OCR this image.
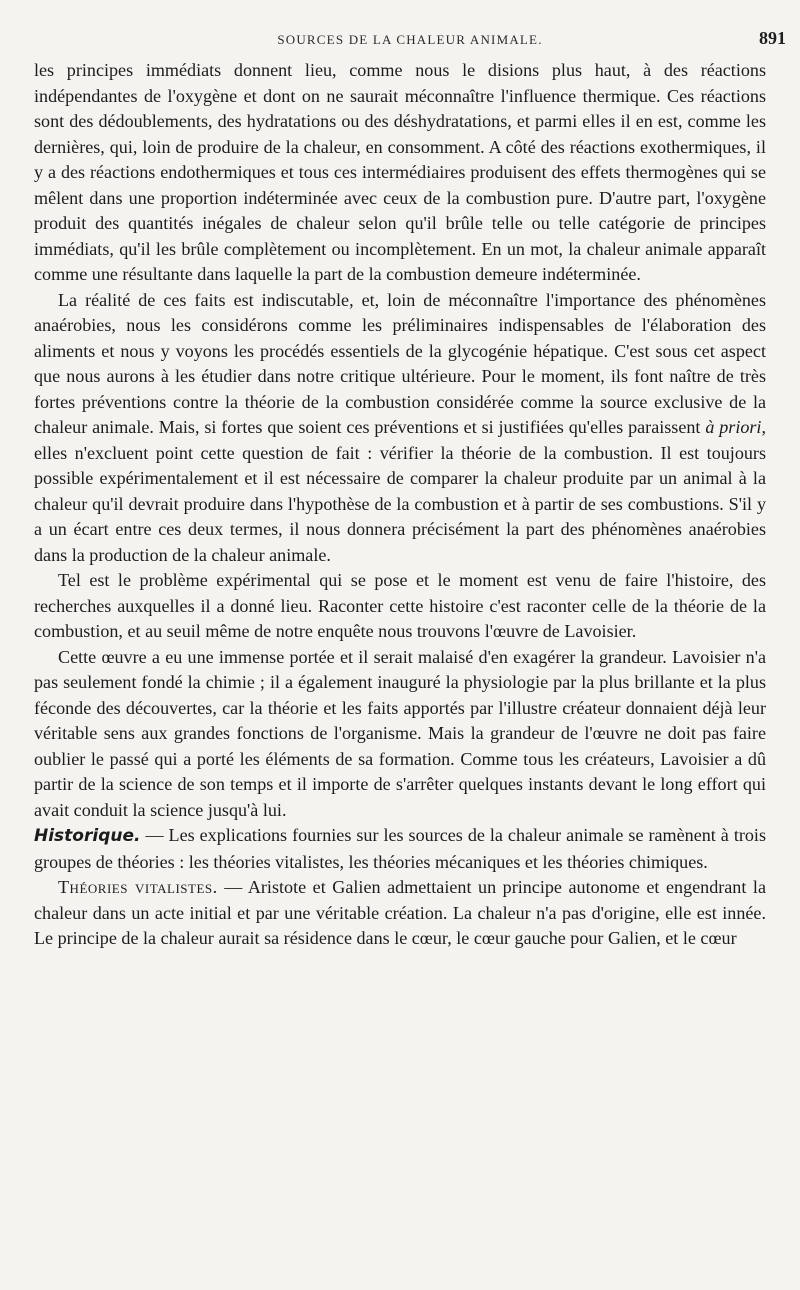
SOURCES DE LA CHALEUR ANIMALE.	891

les principes immédiats donnent lieu, comme nous le disions plus haut, à des réactions indépendantes de l'oxygène et dont on ne saurait méconnaître l'influence thermique. Ces réactions sont des dédoublements, des hydratations ou des déshydratations, et parmi elles il en est, comme les dernières, qui, loin de produire de la chaleur, en consomment. A côté des réactions exothermiques, il y a des réactions endothermiques et tous ces intermédiaires produisent des effets thermogènes qui se mêlent dans une proportion indéterminée avec ceux de la combustion pure. D'autre part, l'oxygène produit des quantités inégales de chaleur selon qu'il brûle telle ou telle catégorie de principes immédiats, qu'il les brûle complètement ou incomplètement. En un mot, la chaleur animale apparaît comme une résultante dans laquelle la part de la combustion demeure indéterminée.

La réalité de ces faits est indiscutable, et, loin de méconnaître l'importance des phénomènes anaérobies, nous les considérons comme les préliminaires indispensables de l'élaboration des aliments et nous y voyons les procédés essentiels de la glycogénie hépatique. C'est sous cet aspect que nous aurons à les étudier dans notre critique ultérieure. Pour le moment, ils font naître de très fortes préventions contre la théorie de la combustion considérée comme la source exclusive de la chaleur animale. Mais, si fortes que soient ces préventions et si justifiées qu'elles paraissent à priori, elles n'excluent point cette question de fait : vérifier la théorie de la combustion. Il est toujours possible expérimentalement et il est nécessaire de comparer la chaleur produite par un animal à la chaleur qu'il devrait produire dans l'hypothèse de la combustion et à partir de ses combustions. S'il y a un écart entre ces deux termes, il nous donnera précisément la part des phénomènes anaérobies dans la production de la chaleur animale.

Tel est le problème expérimental qui se pose et le moment est venu de faire l'histoire, des recherches auxquelles il a donné lieu. Raconter cette histoire c'est raconter celle de la théorie de la combustion, et au seuil même de notre enquête nous trouvons l'œuvre de Lavoisier.

Cette œuvre a eu une immense portée et il serait malaisé d'en exagérer la grandeur. Lavoisier n'a pas seulement fondé la chimie ; il a également inauguré la physiologie par la plus brillante et la plus féconde des découvertes, car la théorie et les faits apportés par l'illustre créateur donnaient déjà leur véritable sens aux grandes fonctions de l'organisme. Mais la grandeur de l'œuvre ne doit pas faire oublier le passé qui a porté les éléments de sa formation. Comme tous les créateurs, Lavoisier a dû partir de la science de son temps et il importe de s'arrêter quelques instants devant le long effort qui avait conduit la science jusqu'à lui.

Historique. — Les explications fournies sur les sources de la chaleur animale se ramènent à trois groupes de théories : les théories vitalistes, les théories mécaniques et les théories chimiques.

Théories vitalistes. — Aristote et Galien admettaient un principe autonome et engendrant la chaleur dans un acte initial et par une véritable création. La chaleur n'a pas d'origine, elle est innée. Le principe de la chaleur aurait sa résidence dans le cœur, le cœur gauche pour Galien, et le cœur
